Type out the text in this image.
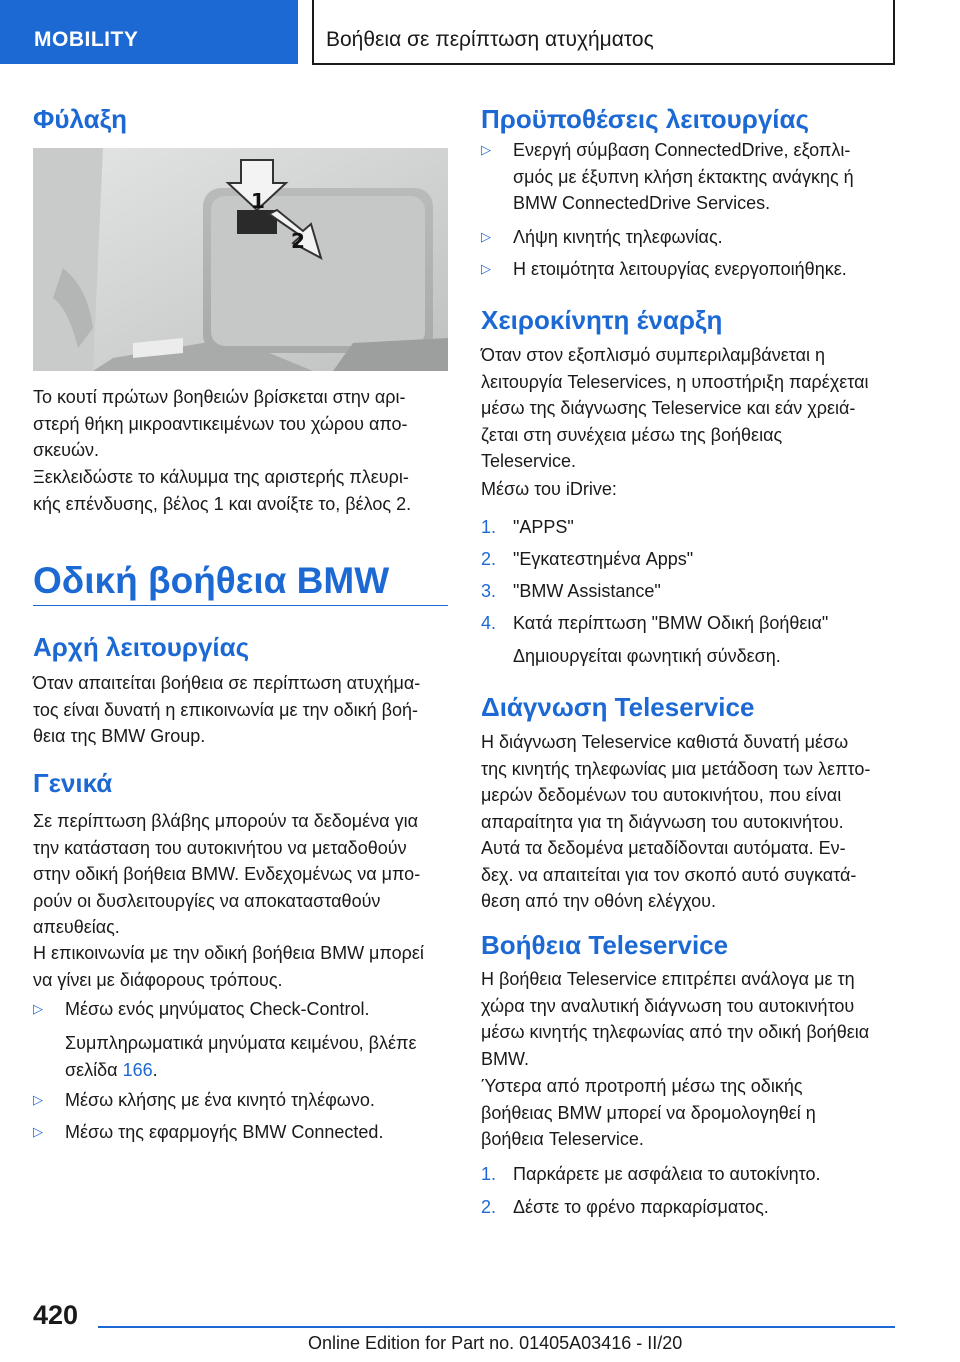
MOBILITY	Βοήθεια σε περίπτωση ατυχήματος
Φύλαξη
1
2

Το κουτί πρώτων βοηθειών βρίσκεται στην αρι-
στερή θήκη μικροαντικειμένων του χώρου απο-
σκευών.

Ξεκλειδώστε το κάλυμμα της αριστερής πλευρι-
κής επένδυσης, βέλος 1 και ανοίξτε το, βέλος 2.

Οδική βοήθεια BMW
Αρχή λειτουργίας

Όταν απαιτείται βοήθεια σε περίπτωση ατυχήμα-
τος είναι δυνατή η επικοινωνία με την οδική βοή-
θεια της BMW Group.

Γενικά

Σε περίπτωση βλάβης μπορούν τα δεδομένα για
την κατάσταση του αυτοκινήτου να μεταδοθούν
στην οδική βοήθεια BMW. Ενδεχομένως να μπο-
ρούν οι δυσλειτουργίες να αποκατασταθούν
απευθείας.

Η επικοινωνία με την οδική βοήθεια BMW μπορεί
να γίνει με διάφορους τρόπους.

▷ Μέσω ενός μηνύματος Check-Control.

Συμπληρωματικά μηνύματα κειμένου, βλέπε
σελίδα 166.

▷ Μέσω κλήσης με ένα κινητό τηλέφωνο.
▷ Μέσω της εφαρμογής BMW Connected.
Προϋποθέσεις λειτουργίας
▷ Ενεργή σύμβαση ConnectedDrive, εξοπλι-
σμός με έξυπνη κλήση έκτακτης ανάγκης ή
BMW ConnectedDrive Services.
▷ Λήψη κινητής τηλεφωνίας.
▷ Η ετοιμότητα λειτουργίας ενεργοποιήθηκε.
Χειροκίνητη έναρξη

Όταν στον εξοπλισμό συμπεριλαμβάνεται η
λειτουργία Teleservices, η υποστήριξη παρέχεται
μέσω της διάγνωσης Teleservice και εάν χρειά-
ζεται στη συνέχεια μέσω της βοήθειας
Teleservice.

Μέσω του iDrive:

1. "APPS"
2. "Εγκατεστημένα Apps"
3. "BMW Assistance"
4. Κατά περίπτωση "BMW Οδική βοήθεια"

Δημιουργείται φωνητική σύνδεση.

Διάγνωση Teleservice

Η διάγνωση Teleservice καθιστά δυνατή μέσω
της κινητής τηλεφωνίας μια μετάδοση των λεπτο-
μερών δεδομένων του αυτοκινήτου, που είναι
απαραίτητα για τη διάγνωση του αυτοκινήτου.
Αυτά τα δεδομένα μεταδίδονται αυτόματα. Εν-
δεχ. να απαιτείται για τον σκοπό αυτό συγκατά-
θεση από την οθόνη ελέγχου.

Βοήθεια Teleservice

Η βοήθεια Teleservice επιτρέπει ανάλογα με τη
χώρα την αναλυτική διάγνωση του αυτοκινήτου
μέσω κινητής τηλεφωνίας από την οδική βοήθεια
BMW.

Ύστερα από προτροπή μέσω της οδικής
βοήθειας BMW μπορεί να δρομολογηθεί η
βοήθεια Teleservice.

1. Παρκάρετε με ασφάλεια το αυτοκίνητο.
2. Δέστε το φρένο παρκαρίσματος.
420
Online Edition for Part no. 01405A03416 - II/20
